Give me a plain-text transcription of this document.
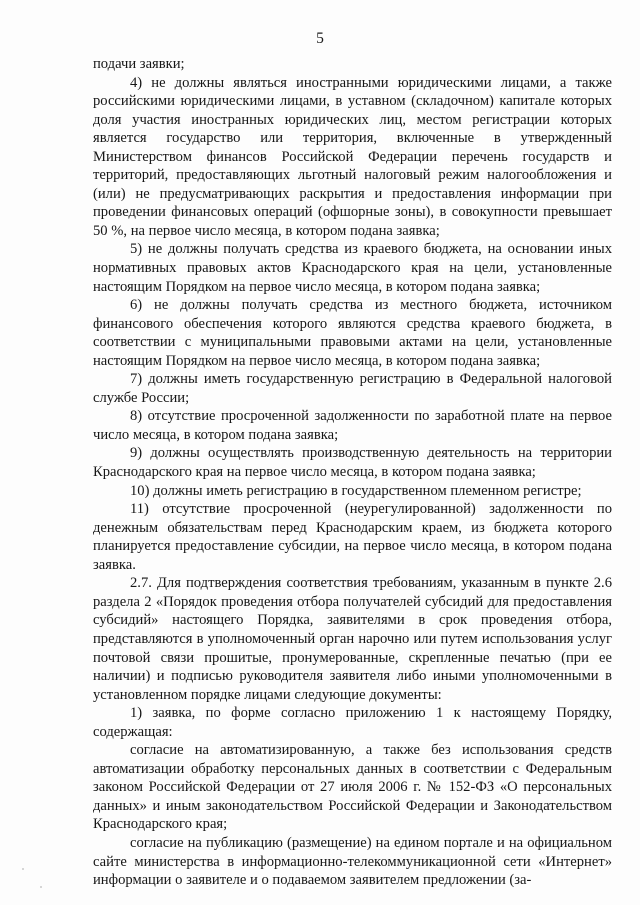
5

подачи заявки;

4) не должны являться иностранными юридическими лицами, а также российскими юридическими лицами, в уставном (складочном) капитале которых доля участия иностранных юридических лиц, местом регистрации которых является государство или территория, включенные в утвержденный Министерством финансов Российской Федерации перечень государств и территорий, предоставляющих льготный налоговый режим налогообложения и (или) не предусматривающих раскрытия и предоставления информации при проведении финансовых операций (офшорные зоны), в совокупности превышает 50 %, на первое число месяца, в котором подана заявка;

5) не должны получать средства из краевого бюджета, на основании иных нормативных правовых актов Краснодарского края на цели, установленные настоящим Порядком на первое число месяца, в котором подана заявка;

6) не должны получать средства из местного бюджета, источником финансового обеспечения которого являются средства краевого бюджета, в соответствии с муниципальными правовыми актами на цели, установленные настоящим Порядком на первое число месяца, в котором подана заявка;

7) должны иметь государственную регистрацию в Федеральной налоговой службе России;

8) отсутствие просроченной задолженности по заработной плате на первое число месяца, в котором подана заявка;

9) должны осуществлять производственную деятельность на территории Краснодарского края на первое число месяца, в котором подана заявка;

10) должны иметь регистрацию в государственном племенном регистре;

11) отсутствие просроченной (неурегулированной) задолженности по денежным обязательствам перед Краснодарским краем, из бюджета которого планируется предоставление субсидии, на первое число месяца, в котором подана заявка.

2.7. Для подтверждения соответствия требованиям, указанным в пункте 2.6 раздела 2 «Порядок проведения отбора получателей субсидий для предоставления субсидий» настоящего Порядка, заявителями в срок проведения отбора, представляются в уполномоченный орган нарочно или путем использования услуг почтовой связи прошитые, пронумерованные, скрепленные печатью (при ее наличии) и подписью руководителя заявителя либо иными уполномоченными в установленном порядке лицами следующие документы:

1) заявка, по форме согласно приложению 1 к настоящему Порядку, содержащая:

согласие на автоматизированную, а также без использования средств автоматизации обработку персональных данных в соответствии с Федеральным законом Российской Федерации от 27 июля 2006 г. № 152-ФЗ «О персональных данных» и иным законодательством Российской Федерации и Законодательством Краснодарского края;

согласие на публикацию (размещение) на едином портале и на официальном сайте министерства в информационно-телекоммуникационной сети «Интернет» информации о заявителе и о подаваемом заявителем предложении (за-
